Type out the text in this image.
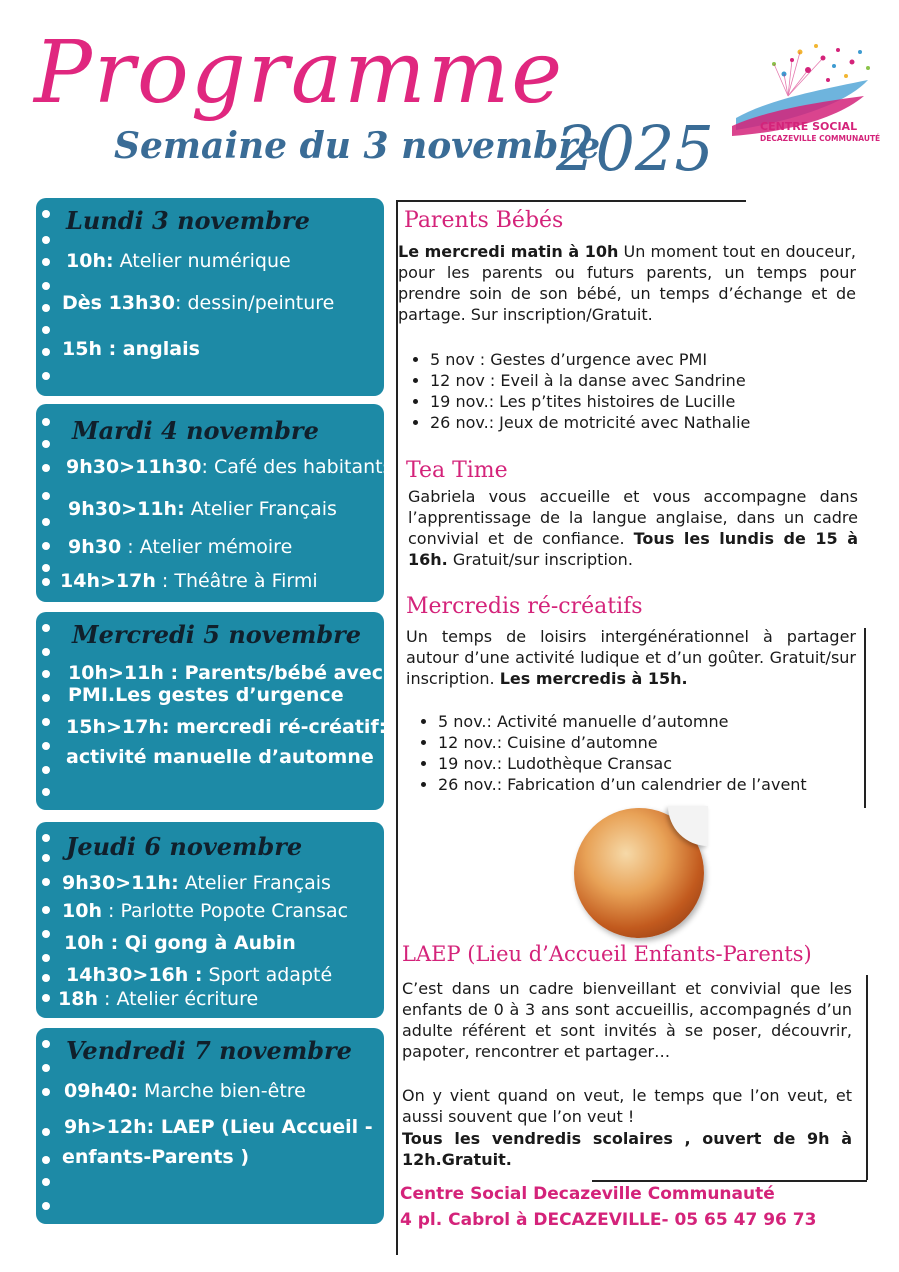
Programme
Semaine du 3 novembre
2025	CENTRE SOCIAL
DECAZEVILLE COMMUNAUTÉ
Lundi 3 novembre
10h: Atelier numérique
Dès 13h30: dessin/peinture
15h : anglais
Mardi 4 novembre
9h30>11h30: Café des habitants
9h30>11h: Atelier Français
9h30 : Atelier mémoire
14h>17h : Théâtre à Firmi
Mercredi 5 novembre
10h>11h : Parents/bébé avec
PMI.Les gestes d’urgence
15h>17h: mercredi ré-créatif:
activité manuelle d’automne
Jeudi 6 novembre
9h30>11h: Atelier Français
10h : Parlotte Popote Cransac
10h : Qi gong à Aubin
14h30>16h : Sport adapté
18h : Atelier écriture
Vendredi 7 novembre
09h40: Marche bien-être
9h>12h: LAEP (Lieu Accueil -
enfants-Parents )
Parents Bébés
Le mercredi matin à 10h Un moment tout en douceur, pour les parents ou futurs parents, un temps pour prendre soin de son bébé, un temps d’échange et de partage. Sur inscription/Gratuit.
• 5 nov : Gestes d’urgence avec PMI
• 12 nov : Eveil à la danse avec Sandrine
• 19 nov.: Les p’tites histoires de Lucille
• 26 nov.: Jeux de motricité avec Nathalie
Tea Time
Gabriela vous accueille et vous accompagne dans l’apprentissage de la langue anglaise, dans un cadre convivial et de confiance. Tous les lundis de 15 à 16h. Gratuit/sur inscription.
Mercredis ré-créatifs
Un temps de loisirs intergénérationnel à partager autour d’une activité ludique et d’un goûter. Gratuit/sur inscription. Les mercredis à 15h.
• 5 nov.: Activité manuelle d’automne
• 12 nov.: Cuisine d’automne
• 19 nov.: Ludothèque Cransac
• 26 nov.: Fabrication d’un calendrier de l’avent
LAEP (Lieu d’Accueil Enfants-Parents)
C’est dans un cadre bienveillant et convivial que les enfants de 0 à 3 ans sont accueillis, accompagnés d’un adulte référent et sont invités à se poser, découvrir, papoter, rencontrer et partager…
On y vient quand on veut, le temps que l’on veut, et aussi souvent que l’on veut !
Tous les vendredis scolaires , ouvert de 9h à 12h.Gratuit.
Centre Social Decazeville Communauté
4 pl. Cabrol à DECAZEVILLE- 05 65 47 96 73
